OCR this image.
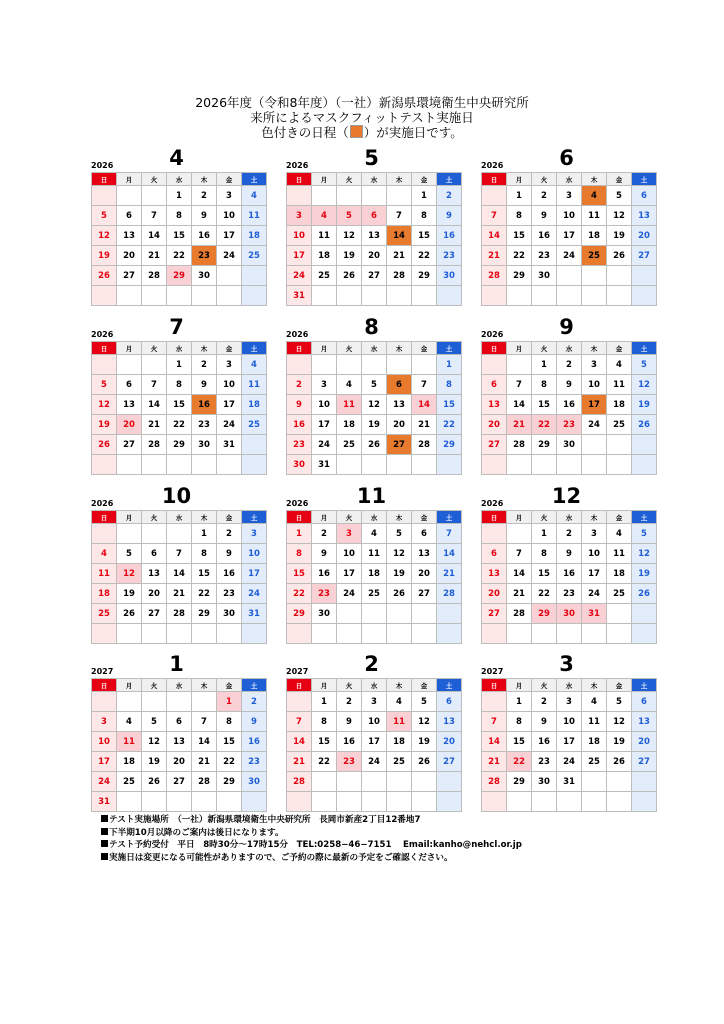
2026年度（令和8年度）（一社）新潟県環境衛生中央研究所
来所によるマスクフィットテスト実施日
色付きの日程（ ）が実施日です。
2026	4
日	月	火	水	木	金	土
			1	2	3	4
5	6	7	8	9	10	11
12	13	14	15	16	17	18
19	20	21	22	23	24	25
26	27	28	29	30		

2026	5
日	月	火	水	木	金	土
					1	2
3	4	5	6	7	8	9
10	11	12	13	14	15	16
17	18	19	20	21	22	23
24	25	26	27	28	29	30
31						
2026	6
日	月	火	水	木	金	土
	1	2	3	4	5	6
7	8	9	10	11	12	13
14	15	16	17	18	19	20
21	22	23	24	25	26	27
28	29	30				

2026	7
日	月	火	水	木	金	土
			1	2	3	4
5	6	7	8	9	10	11
12	13	14	15	16	17	18
19	20	21	22	23	24	25
26	27	28	29	30	31	

2026	8
日	月	火	水	木	金	土
						1
2	3	4	5	6	7	8
9	10	11	12	13	14	15
16	17	18	19	20	21	22
23	24	25	26	27	28	29
30	31					
2026	9
日	月	火	水	木	金	土
		1	2	3	4	5
6	7	8	9	10	11	12
13	14	15	16	17	18	19
20	21	22	23	24	25	26
27	28	29	30			

2026	10
日	月	火	水	木	金	土
				1	2	3
4	5	6	7	8	9	10
11	12	13	14	15	16	17
18	19	20	21	22	23	24
25	26	27	28	29	30	31

2026	11
日	月	火	水	木	金	土
1	2	3	4	5	6	7
8	9	10	11	12	13	14
15	16	17	18	19	20	21
22	23	24	25	26	27	28
29	30					

2026	12
日	月	火	水	木	金	土
		1	2	3	4	5
6	7	8	9	10	11	12
13	14	15	16	17	18	19
20	21	22	23	24	25	26
27	28	29	30	31		

2027	1
日	月	火	水	木	金	土
					1	2
3	4	5	6	7	8	9
10	11	12	13	14	15	16
17	18	19	20	21	22	23
24	25	26	27	28	29	30
31						
2027	2
日	月	火	水	木	金	土
	1	2	3	4	5	6
7	8	9	10	11	12	13
14	15	16	17	18	19	20
21	22	23	24	25	26	27
28						

2027	3
日	月	火	水	木	金	土
	1	2	3	4	5	6
7	8	9	10	11	12	13
14	15	16	17	18	19	20
21	22	23	24	25	26	27
28	29	30	31			

テスト実施場所　（一社）新潟県環境衛生中央研究所　長岡市新産2丁目12番地7
下半期10月以降のご案内は後日になります。
テスト予約受付　平日　8時30分〜17時15分　TEL:0258−46−7151　 Email:kanho@nehcl.or.jp
実施日は変更になる可能性がありますので、ご予約の際に最新の予定をご確認ください。
